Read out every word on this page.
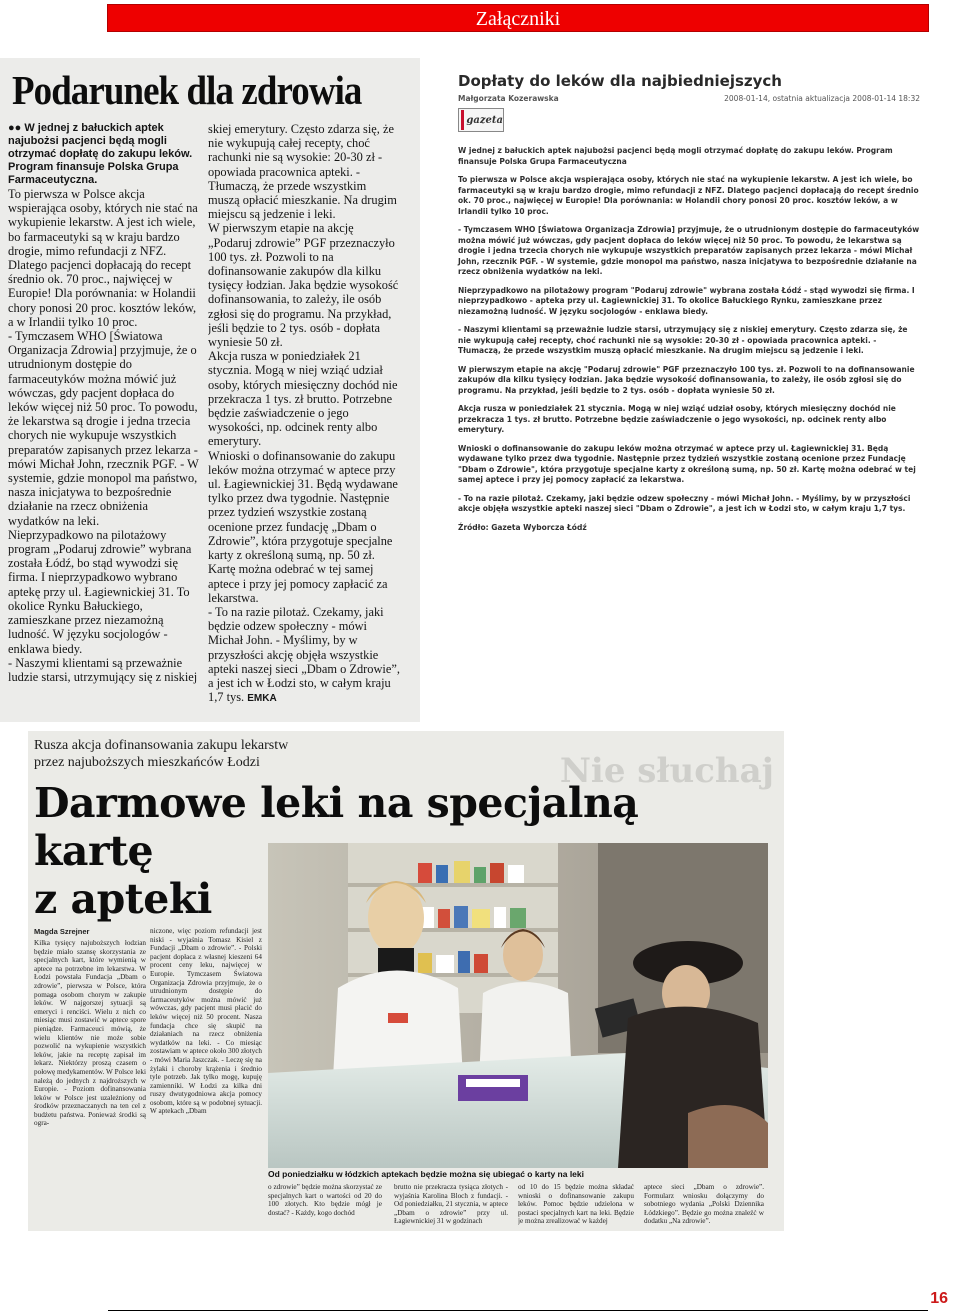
Załączniki
Podarunek dla zdrowia

●● W jednej z bałuckich aptek najubożsi pacjenci będą mogli otrzymać dopłatę do zakupu leków. Program finansuje Polska Grupa Farmaceutyczna.

To pierwsza w Polsce akcja wspierająca osoby, których nie stać na wykupienie lekarstw. A jest ich wiele, bo farmaceutyki są w kraju bardzo drogie, mimo refundacji z NFZ. Dlatego pacjenci dopłacają do recept średnio ok. 70 proc., najwięcej w Europie! Dla porównania: w Holandii chory ponosi 20 proc. kosztów leków, a w Irlandii tylko 10 proc.

- Tymczasem WHO [Światowa Organizacja Zdrowia] przyjmuje, że o utrudnionym dostępie do farmaceutyków można mówić już wówczas, gdy pacjent dopłaca do leków więcej niż 50 proc. To powodu, że lekarstwa są drogie i jedna trzecia chorych nie wykupuje wszystkich preparatów zapisanych przez lekarza - mówi Michał John, rzecznik PGF. - W systemie, gdzie monopol ma państwo, nasza inicjatywa to bezpośrednie działanie na rzecz obniżenia wydatków na leki.

Nieprzypadkowo na pilotażowy program „Podaruj zdrowie” wybrana została Łódź, bo stąd wywodzi się firma. I nieprzypadkowo wybrano aptekę przy ul. Łagiewnickiej 31. To okolice Rynku Bałuckiego, zamieszkane przez niezamożną ludność. W języku socjologów - enklawa biedy.

- Naszymi klientami są przeważnie ludzie starsi, utrzymujący się z niskiej

skiej emerytury. Często zdarza się, że nie wykupują całej recepty, choć rachunki nie są wysokie: 20-30 zł - opowiada pracownica apteki. - Tłumaczą, że przede wszystkim muszą opłacić mieszkanie. Na drugim miejscu są jedzenie i leki.

W pierwszym etapie na akcję „Podaruj zdrowie” PGF przeznaczyło 100 tys. zł. Pozwoli to na dofinansowanie zakupów dla kilku tysięcy łodzian. Jaka będzie wysokość dofinansowania, to zależy, ile osób zgłosi się do programu. Na przykład, jeśli będzie to 2 tys. osób - dopłata wyniesie 50 zł.

Akcja rusza w poniedziałek 21 stycznia. Mogą w niej wziąć udział osoby, których miesięczny dochód nie przekracza 1 tys. zł brutto. Potrzebne będzie zaświadczenie o jego wysokości, np. odcinek renty albo emerytury.

Wnioski o dofinansowanie do zakupu leków można otrzymać w aptece przy ul. Łagiewnickiej 31. Będą wydawane tylko przez dwa tygodnie. Następnie przez tydzień wszystkie zostaną ocenione przez fundację „Dbam o Zdrowie”, która przygotuje specjalne karty z określoną sumą, np. 50 zł. Kartę można odebrać w tej samej aptece i przy jej pomocy zapłacić za lekarstwa.

- To na razie pilotaż. Czekamy, jaki będzie odzew społeczny - mówi Michał John. - Myślimy, by w przyszłości akcję objęła wszystkie apteki naszej sieci „Dbam o Zdrowie”, a jest ich w Łodzi sto, w całym kraju 1,7 tys. EMKA

Dopłaty do leków dla najbiedniejszych
Małgorzata Kozerawska	2008-01-14, ostatnia aktualizacja 2008-01-14 18:32
gazeta

W jednej z bałuckich aptek najubożsi pacjenci będą mogli otrzymać dopłatę do zakupu leków. Program finansuje Polska Grupa Farmaceutyczna

To pierwsza w Polsce akcja wspierająca osoby, których nie stać na wykupienie lekarstw. A jest ich wiele, bo farmaceutyki są w kraju bardzo drogie, mimo refundacji z NFZ. Dlatego pacjenci dopłacają do recept średnio ok. 70 proc., najwięcej w Europie! Dla porównania: w Holandii chory ponosi 20 proc. kosztów leków, a w Irlandii tylko 10 proc.

- Tymczasem WHO [Światowa Organizacja Zdrowia] przyjmuje, że o utrudnionym dostępie do farmaceutyków można mówić już wówczas, gdy pacjent dopłaca do leków więcej niż 50 proc. To powodu, że lekarstwa są drogie i jedna trzecia chorych nie wykupuje wszystkich preparatów zapisanych przez lekarza - mówi Michał John, rzecznik PGF. - W systemie, gdzie monopol ma państwo, nasza inicjatywa to bezpośrednie działanie na rzecz obniżenia wydatków na leki.

Nieprzypadkowo na pilotażowy program "Podaruj zdrowie" wybrana została Łódź - stąd wywodzi się firma. I nieprzypadkowo - apteka przy ul. Łagiewnickiej 31. To okolice Bałuckiego Rynku, zamieszkane przez niezamożną ludność. W języku socjologów - enklawa biedy.

- Naszymi klientami są przeważnie ludzie starsi, utrzymujący się z niskiej emerytury. Często zdarza się, że nie wykupują całej recepty, choć rachunki nie są wysokie: 20-30 zł - opowiada pracownica apteki. - Tłumaczą, że przede wszystkim muszą opłacić mieszkanie. Na drugim miejscu są jedzenie i leki.

W pierwszym etapie na akcję "Podaruj zdrowie" PGF przeznaczyło 100 tys. zł. Pozwoli to na dofinansowanie zakupów dla kilku tysięcy łodzian. Jaka będzie wysokość dofinansowania, to zależy, ile osób zgłosi się do programu. Na przykład, jeśli będzie to 2 tys. osób - dopłata wyniesie 50 zł.

Akcja rusza w poniedziałek 21 stycznia. Mogą w niej wziąć udział osoby, których miesięczny dochód nie przekracza 1 tys. zł brutto. Potrzebne będzie zaświadczenie o jego wysokości, np. odcinek renty albo emerytury.

Wnioski o dofinansowanie do zakupu leków można otrzymać w aptece przy ul. Łagiewnickiej 31. Będą wydawane tylko przez dwa tygodnie. Następnie przez tydzień wszystkie zostaną ocenione przez Fundację "Dbam o Zdrowie", która przygotuje specjalne karty z określoną sumą, np. 50 zł. Kartę można odebrać w tej samej aptece i przy jej pomocy zapłacić za lekarstwa.

- To na razie pilotaż. Czekamy, jaki będzie odzew społeczny - mówi Michał John. - Myślimy, by w przyszłości akcje objęła wszystkie apteki naszej sieci "Dbam o Zdrowie", a jest ich w Łodzi sto, w całym kraju 1,7 tys.

Źródło: Gazeta Wyborcza Łódź

Nie słuchaj
Rusza akcja dofinansowania zakupu lekarstw
przez najuboższych mieszkańców Łodzi
Darmowe leki na specjalną
kartę
z apteki
Od poniedziałku w łódzkich aptekach będzie można się ubiegać o karty na leki
Magda Szrejner
Kilka tysięcy najuboższych łodzian będzie miało szansę skorzystania ze specjalnych kart, które wymienią w aptece na potrzebne im lekarstwa. W Łodzi powstała Fundacja „Dbam o zdrowie”, pierwsza w Polsce, która pomaga osobom chorym w zakupie leków. W najgorszej sytuacji są emeryci i renciści. Wielu z nich co miesiąc musi zostawić w aptece spore pieniądze. Farmaceuci mówią, że wielu klientów nie może sobie pozwolić na wykupienie wszystkich leków, jakie na receptę zapisał im lekarz. Niektórzy proszą czasem o połowę medykamentów. W Polsce leki należą do jednych z najdroższych w Europie. - Poziom dofinansowania leków w Polsce jest uzależniony od środków przeznaczanych na ten cel z budżetu państwa. Ponieważ środki są ogra-
niczone, więc poziom refundacji jest niski - wyjaśnia Tomasz Kisiel z Fundacji „Dbam o zdrowie”. - Polski pacjent dopłaca z własnej kieszeni 64 procent ceny leku, najwięcej w Europie. Tymczasem Światowa Organizacja Zdrowia przyjmuje, że o utrudnionym dostępie do farmaceutyków można mówić już wówczas, gdy pacjent musi płacić do leków więcej niż 50 procent. Nasza fundacja chce się skupić na działaniach na rzecz obniżenia wydatków na leki. - Co miesiąc zostawiam w aptece około 300 złotych - mówi Maria Jaszczak. - Leczę się na żylaki i choroby krążenia i średnio tyle potrzeb. Jak tylko mogę, kupuję zamienniki. W Łodzi za kilka dni ruszy dwutygodniowa akcja pomocy osobom, które są w podobnej sytuacji. W aptekach „Dbam
o zdrowie” będzie można skorzystać ze specjalnych kart o wartości od 20 do 100 złotych. Kto będzie mógł je dostać? - Każdy, kogo dochód
brutto nie przekracza tysiąca złotych - wyjaśnia Karolina Bloch z fundacji. - Od poniedziałku, 21 stycznia, w aptece „Dbam o zdrowie” przy ul. Łagiewnickiej 31 w godzinach
od 10 do 15 będzie można składać wnioski o dofinansowanie zakupu leków. Pomoc będzie udzielona w postaci specjalnych kart na leki. Będzie je można zrealizować w każdej
aptece sieci „Dbam o zdrowie”. Formularz wniosku dołączymy do sobotniego wydania „Polski Dziennika Łódzkiego”. Będzie go można znaleźć w dodatku „Na zdrowie”.
16
